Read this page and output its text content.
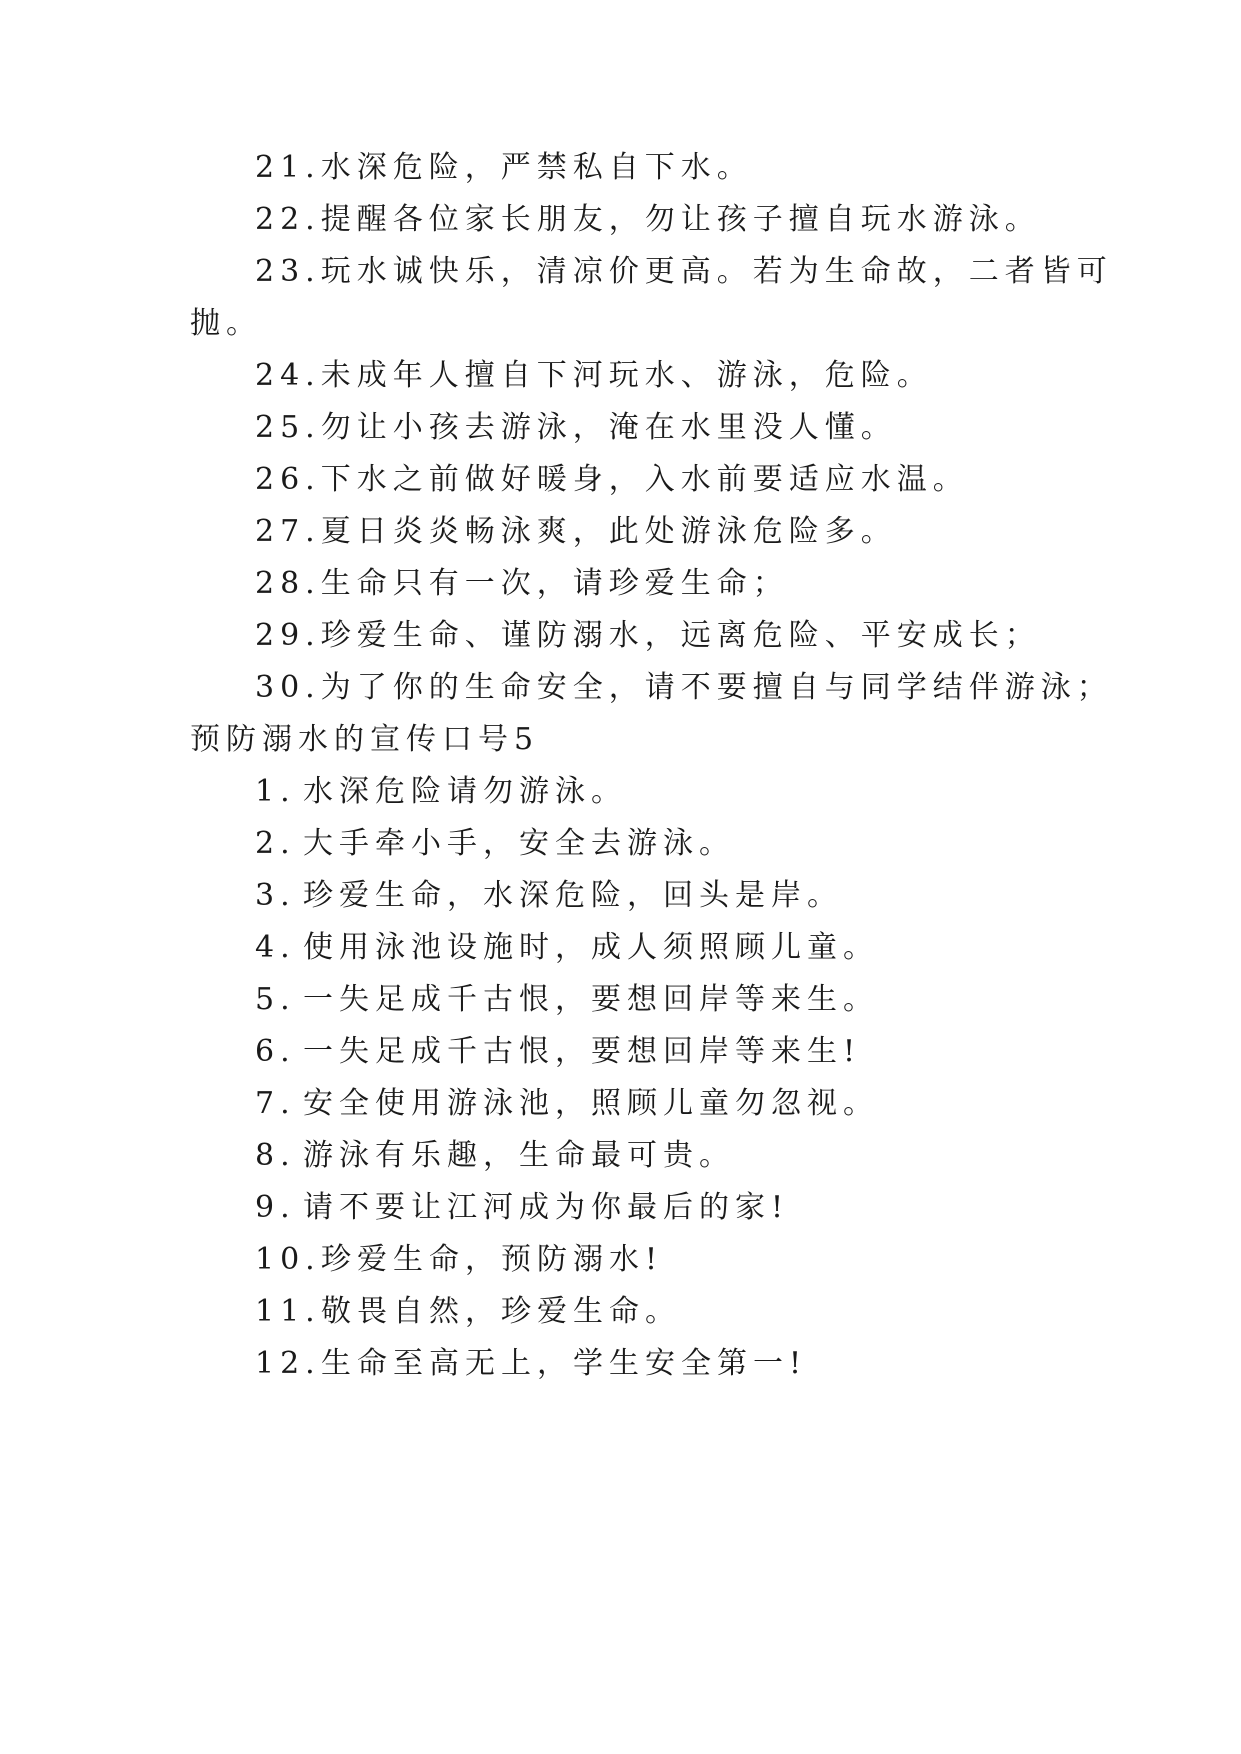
21.水深危险，严禁私自下水。
22.提醒各位家长朋友，勿让孩子擅自玩水游泳。
23.玩水诚快乐，清凉价更高。若为生命故，二者皆可
抛。
24.未成年人擅自下河玩水、游泳，危险。
25.勿让小孩去游泳，淹在水里没人懂。
26.下水之前做好暖身，入水前要适应水温。
27.夏日炎炎畅泳爽，此处游泳危险多。
28.生命只有一次，请珍爱生命；
29.珍爱生命、谨防溺水，远离危险、平安成长；
30.为了你的生命安全，请不要擅自与同学结伴游泳；
预防溺水的宣传口号5
1. 水深危险请勿游泳。
2. 大手牵小手，安全去游泳。
3. 珍爱生命，水深危险，回头是岸。
4. 使用泳池设施时，成人须照顾儿童。
5. 一失足成千古恨，要想回岸等来生。
6. 一失足成千古恨，要想回岸等来生!
7. 安全使用游泳池，照顾儿童勿忽视。
8. 游泳有乐趣，生命最可贵。
9. 请不要让江河成为你最后的家!
10.珍爱生命，预防溺水!
11.敬畏自然，珍爱生命。
12.生命至高无上，学生安全第一!
